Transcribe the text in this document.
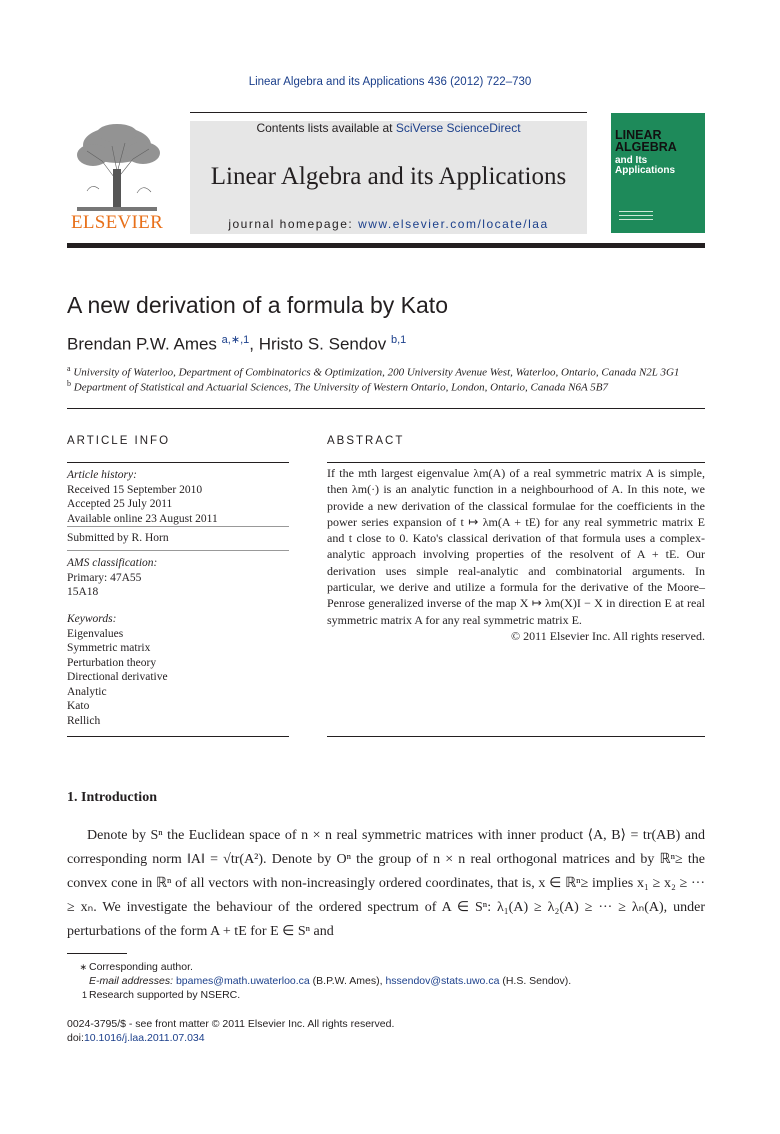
Linear Algebra and its Applications 436 (2012) 722–730
ELSEVIER
Contents lists available at SciVerse ScienceDirect
Linear Algebra and its Applications
journal homepage: www.elsevier.com/locate/laa
LINEAR
ALGEBRA
and Its
Applications
A new derivation of a formula by Kato
Brendan P.W. Ames $^{a,∗,1}$, Hristo S. Sendov $^{b,1}$
$^a$ University of Waterloo, Department of Combinatorics & Optimization, 200 University Avenue West, Waterloo, Ontario, Canada N2L 3G1
$^b$ Department of Statistical and Actuarial Sciences, The University of Western Ontario, London, Ontario, Canada N6A 5B7
ARTICLE INFO
Article history:
Received 15 September 2010
Accepted 25 July 2011
Available online 23 August 2011
Submitted by R. Horn
AMS classification:
Primary: 47A55
15A18
Keywords:
Eigenvalues
Symmetric matrix
Perturbation theory
Directional derivative
Analytic
Kato
Rellich
ABSTRACT
If the mth largest eigenvalue λm(A) of a real symmetric matrix A is simple, then λm(·) is an analytic function in a neighbourhood of A. In this note, we provide a new derivation of the classical formulae for the coefficients in the power series expansion of t ↦ λm(A + tE) for any real symmetric matrix E and t close to 0. Kato's classical derivation of that formula uses a complex-analytic approach involving properties of the resolvent of A + tE. Our derivation uses simple real-analytic and combinatorial arguments. In particular, we derive and utilize a formula for the derivative of the Moore–Penrose generalized inverse of the map X ↦ λm(X)I − X in direction E at real symmetric matrix A for any real symmetric matrix E.
© 2011 Elsevier Inc. All rights reserved.
1. Introduction

Denote by Sⁿ the Euclidean space of n × n real symmetric matrices with inner product ⟨A, B⟩ = tr(AB) and corresponding norm ‖A‖ = √tr(A²). Denote by Oⁿ the group of n × n real orthogonal matrices and by ℝⁿ≥ the convex cone in ℝⁿ of all vectors with non-increasingly ordered coordinates, that is, x ∈ ℝⁿ≥ implies x₁ ≥ x₂ ≥ ··· ≥ xₙ. We investigate the behaviour of the ordered spectrum of A ∈ Sⁿ: λ₁(A) ≥ λ₂(A) ≥ ··· ≥ λₙ(A), under perturbations of the form A + tE for E ∈ Sⁿ and

∗ Corresponding author.
E-mail addresses: bpames@math.uwaterloo.ca (B.P.W. Ames), hssendov@stats.uwo.ca (H.S. Sendov).
1 Research supported by NSERC.
0024-3795/$ - see front matter © 2011 Elsevier Inc. All rights reserved.
doi:10.1016/j.laa.2011.07.034
